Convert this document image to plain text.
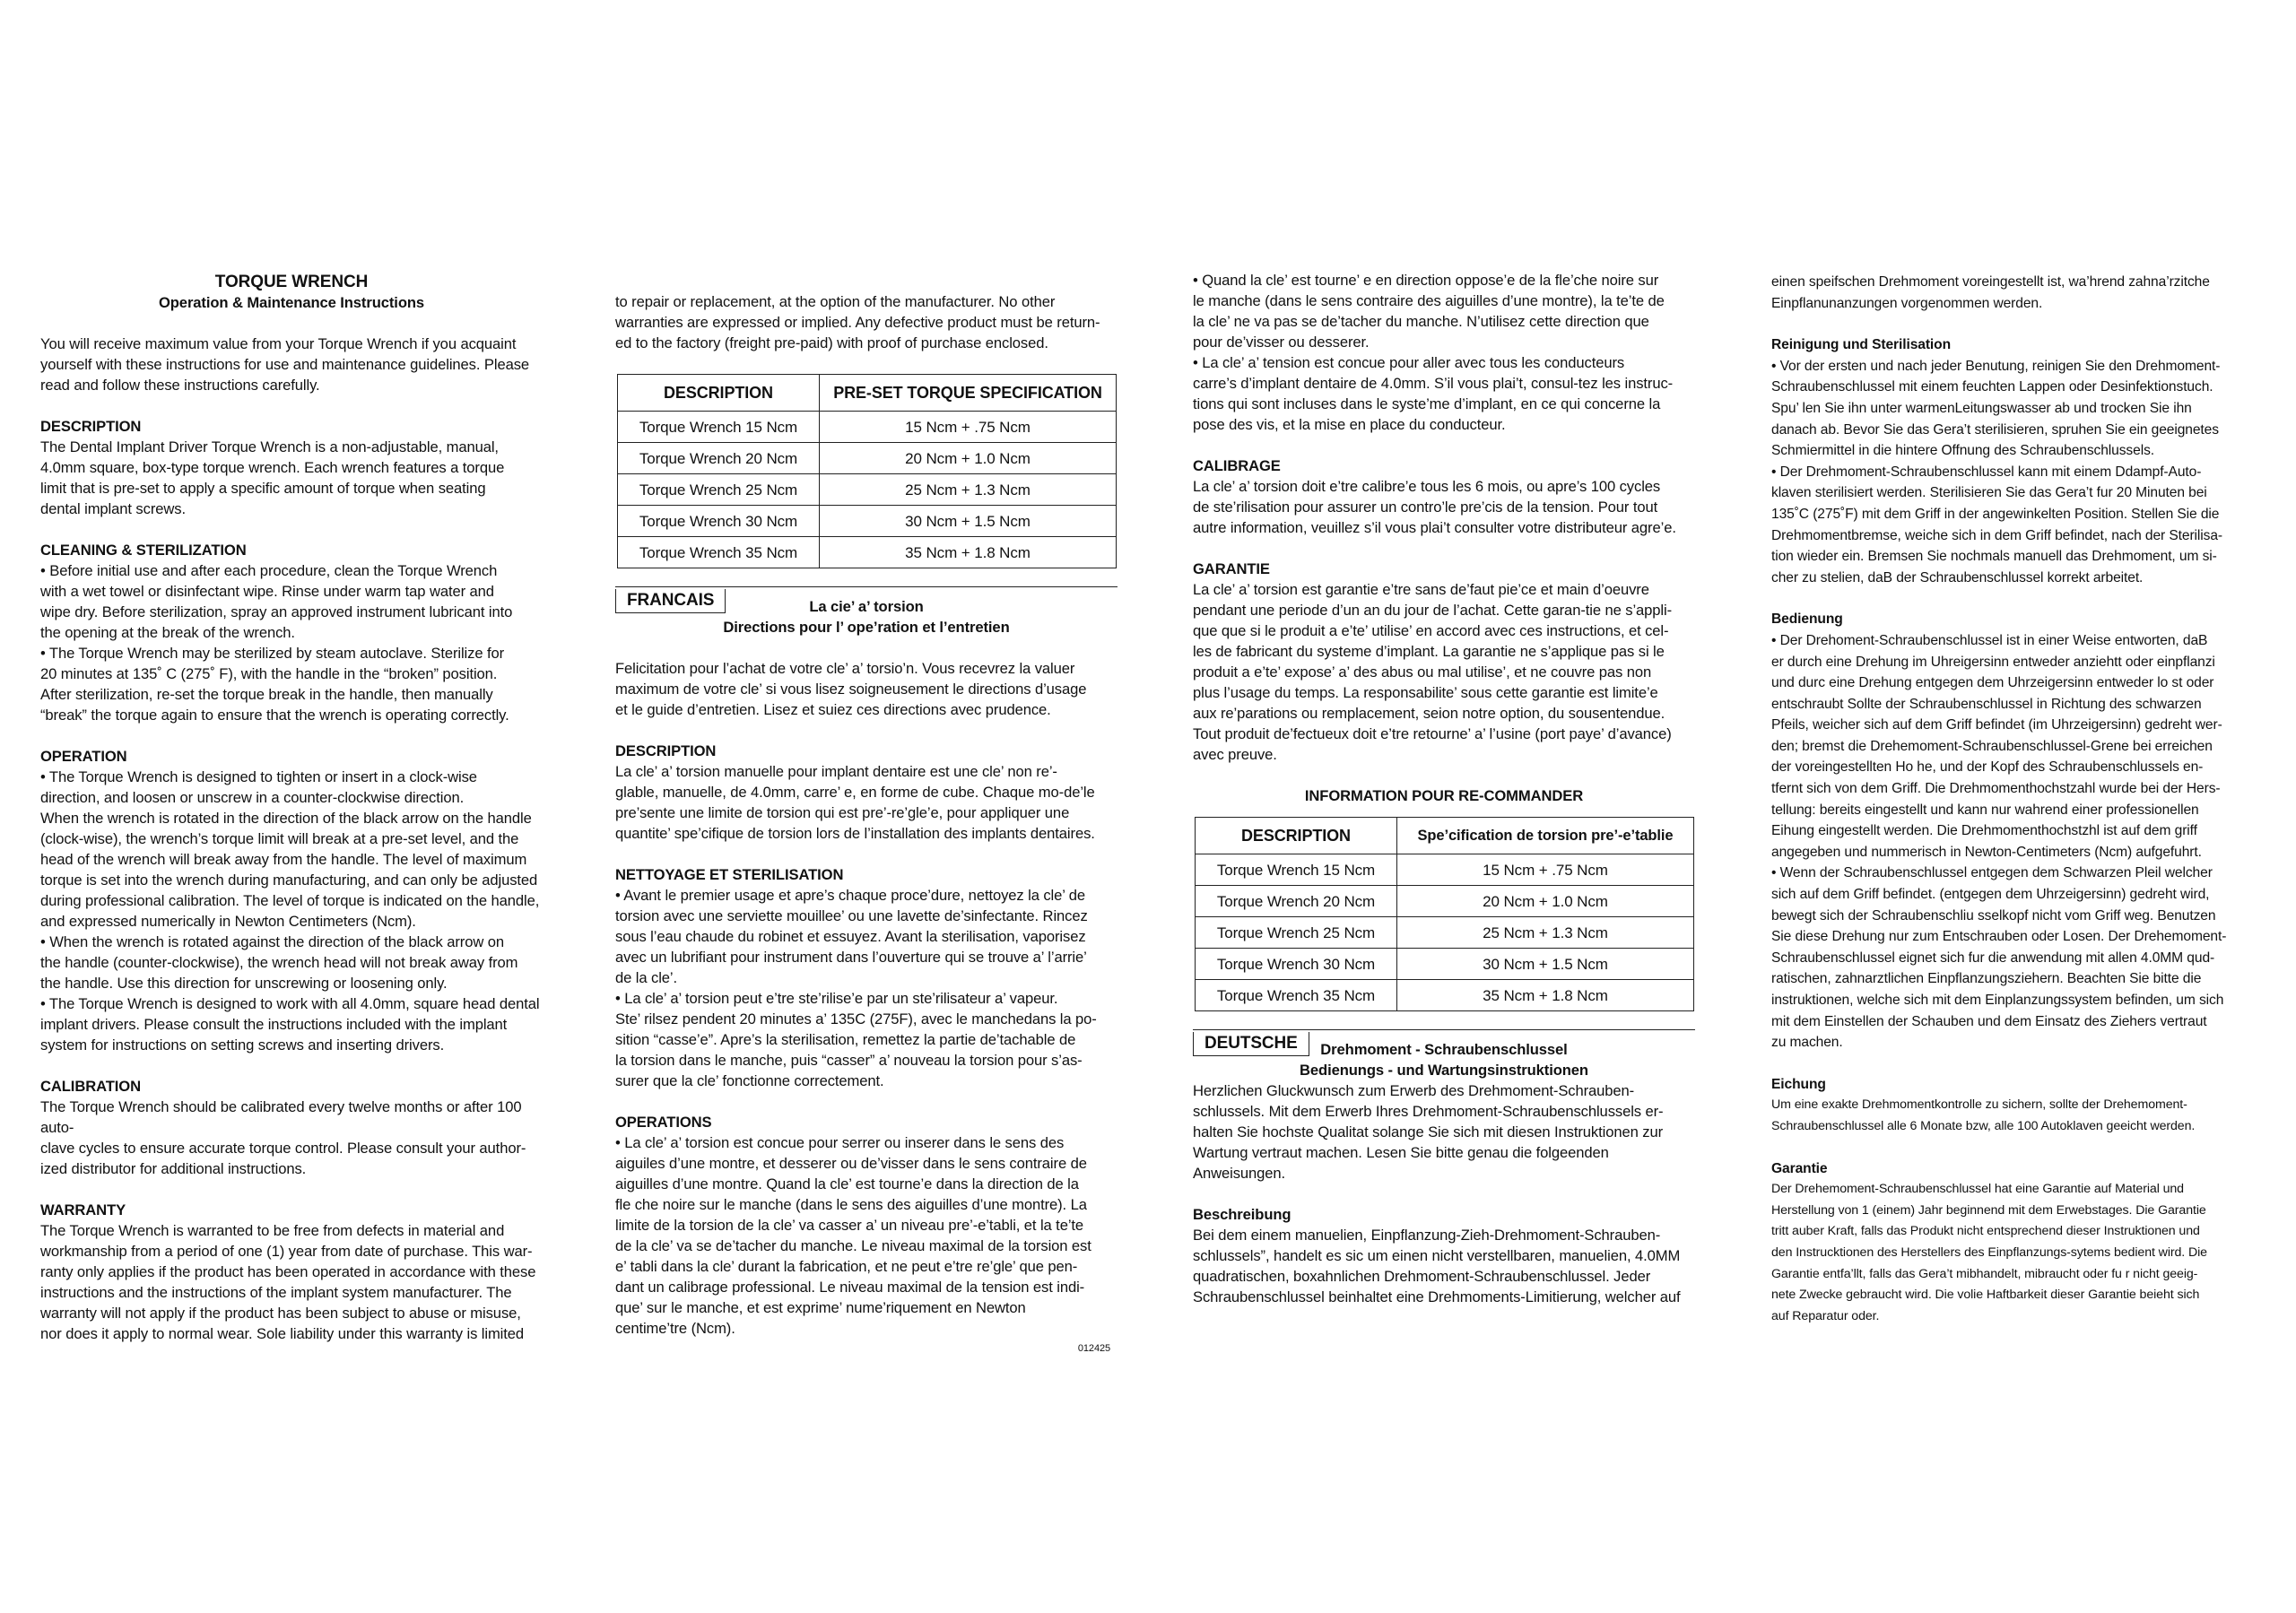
TORQUE WRENCH

Operation & Maintenance Instructions

You will receive maximum value from your Torque Wrench if you acquaint
yourself with these instructions for use and maintenance guidelines. Please
read and follow these instructions carefully.

DESCRIPTION

The Dental Implant Driver Torque Wrench is a non-adjustable, manual,
4.0mm square, box-type torque wrench. Each wrench features a torque
limit that is pre-set to apply a specific amount of torque when seating
dental implant screws.

CLEANING & STERILIZATION

• Before initial use and after each procedure, clean the Torque Wrench
with a wet towel or disinfectant wipe. Rinse under warm tap water and
wipe dry. Before sterilization, spray an approved instrument lubricant into
the opening at the break of the wrench.

• The Torque Wrench may be sterilized by steam autoclave. Sterilize for
20 minutes at 135˚ C (275˚ F), with the handle in the “broken” position.
After sterilization, re-set the torque break in the handle, then manually
“break” the torque again to ensure that the wrench is operating correctly.

OPERATION

• The Torque Wrench is designed to tighten or insert in a clock-wise
direction, and loosen or unscrew in a counter-clockwise direction.
When the wrench is rotated in the direction of the black arrow on the handle
(clock-wise), the wrench’s torque limit will break at a pre-set level, and the
head of the wrench will break away from the handle. The level of maximum
torque is set into the wrench during manufacturing, and can only be adjusted
during professional calibration. The level of torque is indicated on the handle,
and expressed numerically in Newton Centimeters (Ncm).

• When the wrench is rotated against the direction of the black arrow on
the handle (counter-clockwise), the wrench head will not break away from
the handle. Use this direction for unscrewing or loosening only.

• The Torque Wrench is designed to work with all 4.0mm, square head dental
implant drivers. Please consult the instructions included with the implant
system for instructions on setting screws and inserting drivers.

CALIBRATION

The Torque Wrench should be calibrated every twelve months or after 100 auto-
clave cycles to ensure accurate torque control. Please consult your author-
ized distributor for additional instructions.

WARRANTY

The Torque Wrench is warranted to be free from defects in material and
workmanship from a period of one (1) year from date of purchase. This war-
ranty only applies if the product has been operated in accordance with these
instructions and the instructions of the implant system manufacturer. The
warranty will not apply if the product has been subject to abuse or misuse,
nor does it apply to normal wear. Sole liability under this warranty is limited

to repair or replacement, at the option of the manufacturer. No other
warranties are expressed or implied. Any defective product must be return-
ed to the factory (freight pre-paid) with proof of purchase enclosed.

DESCRIPTION	PRE-SET TORQUE SPECIFICATION
Torque Wrench 15 Ncm	15 Ncm + .75 Ncm
Torque Wrench 20 Ncm	20 Ncm + 1.0 Ncm
Torque Wrench 25 Ncm	25 Ncm + 1.3 Ncm
Torque Wrench 30 Ncm	30 Ncm + 1.5 Ncm
Torque Wrench 35 Ncm	35 Ncm + 1.8 Ncm
FRANCAIS	La cie’ a’ torsion

Directions pour l’ ope’ration et l’entretien

Felicitation pour l’achat de votre cle’ a’ torsio’n. Vous recevrez la valuer
maximum de votre cle’ si vous lisez soigneusement le directions d’usage
et le guide d’entretien. Lisez et suiez ces directions avec prudence.

DESCRIPTION

La cle’ a’ torsion manuelle pour implant dentaire est une cle’ non re’-
glable, manuelle, de 4.0mm, carre’ e, en forme de cube. Chaque mo-de’le
pre’sente une limite de torsion qui est pre’-re’gle’e, pour appliquer une
quantite’ spe’cifique de torsion lors de l’installation des implants dentaires.

NETTOYAGE ET STERILISATION

• Avant le premier usage et apre’s chaque proce’dure, nettoyez la cle’ de
torsion avec une serviette mouillee’ ou une lavette de’sinfectante. Rincez
sous l’eau chaude du robinet et essuyez. Avant la sterilisation, vaporisez
avec un lubrifiant pour instrument dans l’ouverture qui se trouve a’ l’arrie’
de la cle’.

• La cle’ a’ torsion peut e’tre ste’rilise’e par un ste’rilisateur a’ vapeur.
Ste’ rilsez pendent 20 minutes a’ 135C (275F), avec le manchedans la po-
sition “casse’e”. Apre’s la sterilisation, remettez la partie de’tachable de
la torsion dans le manche, puis “casser” a’ nouveau la torsion pour s’as-
surer que la cle’ fonctionne correctement.

OPERATIONS

• La cle’ a’ torsion est concue pour serrer ou inserer dans le sens des
aiguiles d’une montre, et desserer ou de’visser dans le sens contraire de
aiguilles d’une montre. Quand la cle’ est tourne’e dans la direction de la
fle che noire sur le manche (dans le sens des aiguilles d’une montre). La
limite de la torsion de la cle’ va casser a’ un niveau pre’-e’tabli, et la te’te
de la cle’ va se de’tacher du manche. Le niveau maximal de la torsion est
e’ tabli dans la cle’ durant la fabrication, et ne peut e’tre re’gle’ que pen-
dant un calibrage professional. Le niveau maximal de la tension est indi-
que’ sur le manche, et est exprime’ nume’riquement en Newton
centime’tre (Ncm).

012425

• Quand la cle’ est tourne’ e en direction oppose’e de la fle’che noire sur
le manche (dans le sens contraire des aiguilles d’une montre), la te’te de
la cle’ ne va pas se de’tacher du manche. N’utilisez cette direction que
pour de’visser ou desserer.

• La cle’ a’ tension est concue pour aller avec tous les conducteurs
carre’s d’implant dentaire de 4.0mm. S’il vous plai’t, consul-tez les instruc-
tions qui sont incluses dans le syste’me d’implant, en ce qui concerne la
pose des vis, et la mise en place du conducteur.

CALIBRAGE

La cle’ a’ torsion doit e’tre calibre’e tous les 6 mois, ou apre’s 100 cycles
de ste’rilisation pour assurer un contro’le pre’cis de la tension. Pour tout
autre information, veuillez s’il vous plai’t consulter votre distributeur agre’e.

GARANTIE

La cle’ a’ torsion est garantie e’tre sans de’faut pie’ce et main d’oeuvre
pendant une periode d’un an du jour de l’achat. Cette garan-tie ne s’appli-
que que si le produit a e’te’ utilise’ en accord avec ces instructions, et cel-
les de fabricant du systeme d’implant. La garantie ne s’applique pas si le
produit a e’te’ expose’ a’ des abus ou mal utilise’, et ne couvre pas non
plus l’usage du temps. La responsabilite’ sous cette garantie est limite’e
aux re’parations ou remplacement, seion notre option, du sousentendue.
Tout produit de’fectueux doit e’tre retourne’ a’ l’usine (port paye’ d’avance)
avec preuve.

INFORMATION POUR RE-COMMANDER

DESCRIPTION	Spe’cification de torsion pre’-e’tablie
Torque Wrench 15 Ncm	15 Ncm + .75 Ncm
Torque Wrench 20 Ncm	20 Ncm + 1.0 Ncm
Torque Wrench 25 Ncm	25 Ncm + 1.3 Ncm
Torque Wrench 30 Ncm	30 Ncm + 1.5 Ncm
Torque Wrench 35 Ncm	35 Ncm + 1.8 Ncm
DEUTSCHE	Drehmoment - Schraubenschlussel

Bedienungs - und Wartungsinstruktionen

Herzlichen Gluckwunsch zum Erwerb des Drehmoment-Schrauben-
schlussels. Mit dem Erwerb Ihres Drehmoment-Schraubenschlussels er-
halten Sie hochste Qualitat solange Sie sich mit diesen Instruktionen zur
Wartung vertraut machen. Lesen Sie bitte genau die folgeenden
Anweisungen.

Beschreibung

Bei dem einem manuelien, Einpflanzung-Zieh-Drehmoment-Schrauben-
schlussels”, handelt es sic um einen nicht verstellbaren, manuelien, 4.0MM
quadratischen, boxahnlichen Drehmoment-Schraubenschlussel. Jeder
Schraubenschlussel beinhaltet eine Drehmoments-Limitierung, welcher auf

einen speifschen Drehmoment voreingestellt ist, wa’hrend zahna’rzitche
Einpflanunanzungen vorgenommen werden.

Reinigung und Sterilisation

• Vor der ersten und nach jeder Benutung, reinigen Sie den Drehmoment-
Schraubenschlussel mit einem feuchten Lappen oder Desinfektionstuch.
Spu’ len Sie ihn unter warmenLeitungswasser ab und trocken Sie ihn
danach ab. Bevor Sie das Gera’t sterilisieren, spruhen Sie ein geeignetes
Schmiermittel in die hintere Offnung des Schraubenschlussels.

• Der Drehmoment-Schraubenschlussel kann mit einem Ddampf-Auto-
klaven sterilisiert werden. Sterilisieren Sie das Gera’t fur 20 Minuten bei
135˚C (275˚F) mit dem Griff in der angewinkelten Position. Stellen Sie die
Drehmomentbremse, weiche sich in dem Griff befindet, nach der Sterilisa-
tion wieder ein. Bremsen Sie nochmals manuell das Drehmoment, um si-
cher zu stelien, daB der Schraubenschlussel korrekt arbeitet.

Bedienung

• Der Drehoment-Schraubenschlussel ist in einer Weise entworten, daB
er durch eine Drehung im Uhreigersinn entweder anziehtt oder einpflanzi
und durc eine Drehung entgegen dem Uhrzeigersinn entweder lo st oder
entschraubt Sollte der Schraubenschlussel in Richtung des schwarzen
Pfeils, weicher sich auf dem Griff befindet (im Uhrzeigersinn) gedreht wer-
den; bremst die Drehemoment-Schraubenschlussel-Grene bei erreichen
der voreingestellten Ho he, und der Kopf des Schraubenschlussels en-
tfernt sich von dem Griff. Die Drehmomenthochstzahl wurde bei der Hers-
tellung: bereits eingestellt und kann nur wahrend einer professionellen
Eihung eingestellt werden. Die Drehmomenthochstzhl ist auf dem griff
angegeben und nummerisch in Newton-Centimeters (Ncm) aufgefuhrt.

• Wenn der Schraubenschlussel entgegen dem Schwarzen Pleil welcher
sich auf dem Griff befindet. (entgegen dem Uhrzeigersinn) gedreht wird,
bewegt sich der Schraubenschliu sselkopf nicht vom Griff weg. Benutzen
Sie diese Drehung nur zum Entschrauben oder Losen. Der Drehemoment-
Schraubenschlussel eignet sich fur die anwendung mit allen 4.0MM qud-
ratischen, zahnarztlichen Einpflanzungsziehern. Beachten Sie bitte die
instruktionen, welche sich mit dem Einplanzungssystem befinden, um sich
mit dem Einstellen der Schauben und dem Einsatz des Ziehers vertraut
zu machen.

Eichung

Um eine exakte Drehmomentkontrolle zu sichern, sollte der Drehemoment-
Schraubenschlussel alle 6 Monate bzw, alle 100 Autoklaven geeicht werden.

Garantie

Der Drehemoment-Schraubenschlussel hat eine Garantie auf Material und
Herstellung von 1 (einem) Jahr beginnend mit dem Erwebstages. Die Garantie
tritt auber Kraft, falls das Produkt nicht entsprechend dieser Instruktionen und
den Instrucktionen des Herstellers des Einpflanzungs-sytems bedient wird. Die
Garantie entfa’llt, falls das Gera’t mibhandelt, mibraucht oder fu r nicht geeig-
nete Zwecke gebraucht wird. Die volie Haftbarkeit dieser Garantie beieht sich
auf Reparatur oder.
